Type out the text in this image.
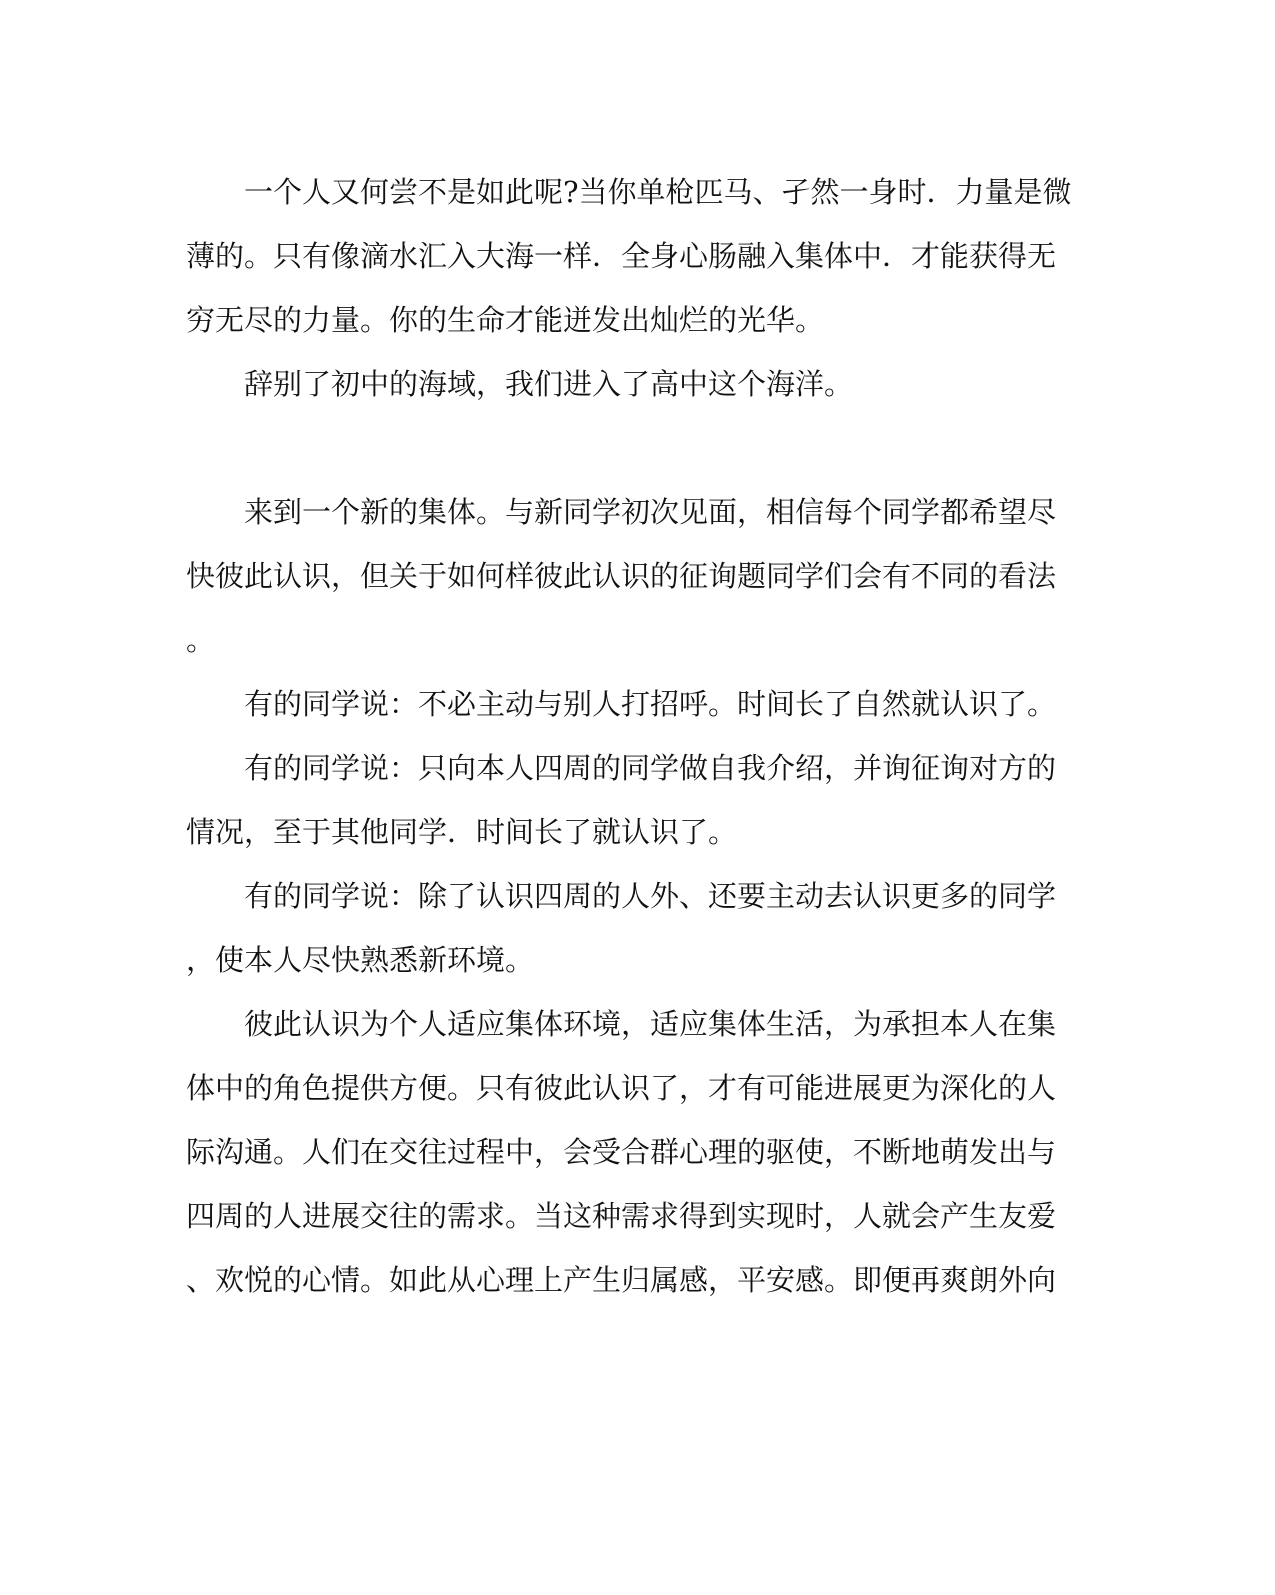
一个人又何尝不是如此呢?当你单枪匹马、孑然一身时．力量是微
薄的。只有像滴水汇入大海一样．全身心肠融入集体中．才能获得无
穷无尽的力量。你的生命才能迸发出灿烂的光华。
辞别了初中的海域，我们进入了高中这个海洋。
来到一个新的集体。与新同学初次见面，相信每个同学都希望尽
快彼此认识，但关于如何样彼此认识的征询题同学们会有不同的看法
。
有的同学说：不必主动与别人打招呼。时间长了自然就认识了。
有的同学说：只向本人四周的同学做自我介绍，并询征询对方的
情况，至于其他同学．时间长了就认识了。
有的同学说：除了认识四周的人外、还要主动去认识更多的同学
，使本人尽快熟悉新环境。
彼此认识为个人适应集体环境，适应集体生活，为承担本人在集
体中的角色提供方便。只有彼此认识了，才有可能进展更为深化的人
际沟通。人们在交往过程中，会受合群心理的驱使，不断地萌发出与
四周的人进展交往的需求。当这种需求得到实现时，人就会产生友爱
、欢悦的心情。如此从心理上产生归属感，平安感。即便再爽朗外向
